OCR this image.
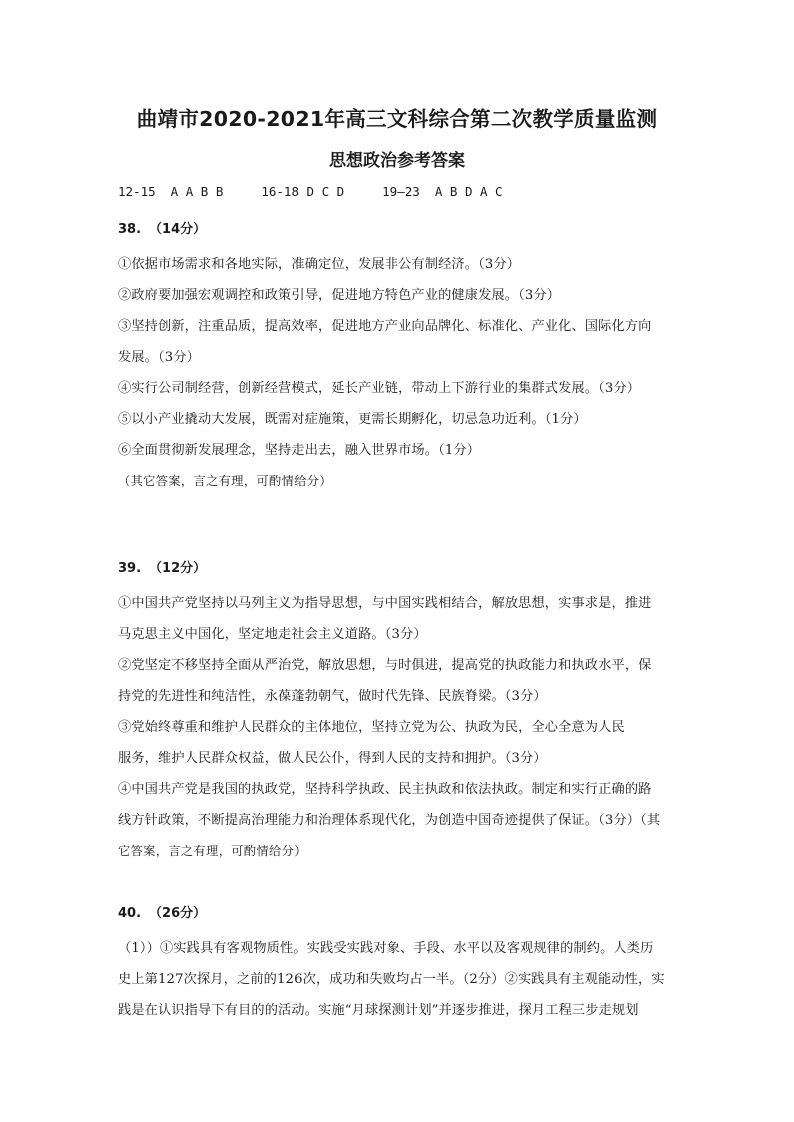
曲靖市2020-2021年高三文科综合第二次教学质量监测
思想政治参考答案
12-15  A A B B	16-18 D C D	19—23  A B D A C
38. （14分）
①依据市场需求和各地实际，准确定位，发展非公有制经济。（3分）
②政府要加强宏观调控和政策引导，促进地方特色产业的健康发展。（3分）
③坚持创新，注重品质，提高效率，促进地方产业向品牌化、标准化、产业化、国际化方向
发展。（3分）
④实行公司制经营，创新经营模式，延长产业链，带动上下游行业的集群式发展。（3分）
⑤以小产业撬动大发展，既需对症施策，更需长期孵化，切忌急功近利。（1分）
⑥全面贯彻新发展理念，坚持走出去，融入世界市场。（1分）
（其它答案，言之有理，可酌情给分）
39. （12分）
①中国共产党坚持以马列主义为指导思想，与中国实践相结合，解放思想，实事求是，推进
马克思主义中国化，坚定地走社会主义道路。（3分）
②党坚定不移坚持全面从严治党，解放思想，与时俱进，提高党的执政能力和执政水平，保
持党的先进性和纯洁性，永葆蓬勃朝气，做时代先锋、民族脊梁。（3分）
③党始终尊重和维护人民群众的主体地位，坚持立党为公、执政为民，全心全意为人民
服务，维护人民群众权益，做人民公仆，得到人民的支持和拥护。（3分）
④中国共产党是我国的执政党，坚持科学执政、民主执政和依法执政。制定和实行正确的路
线方针政策，不断提高治理能力和治理体系现代化，为创造中国奇迹提供了保证。（3分）（其
它答案，言之有理，可酌情给分）
40. （26分）
（1））①实践具有客观物质性。实践受实践对象、手段、水平以及客观规律的制约。人类历
史上第127次探月，之前的126次，成功和失败均占一半。（2分）②实践具有主观能动性，实
践是在认识指导下有目的的活动。实施“月球探测计划”并逐步推进，探月工程三步走规划
